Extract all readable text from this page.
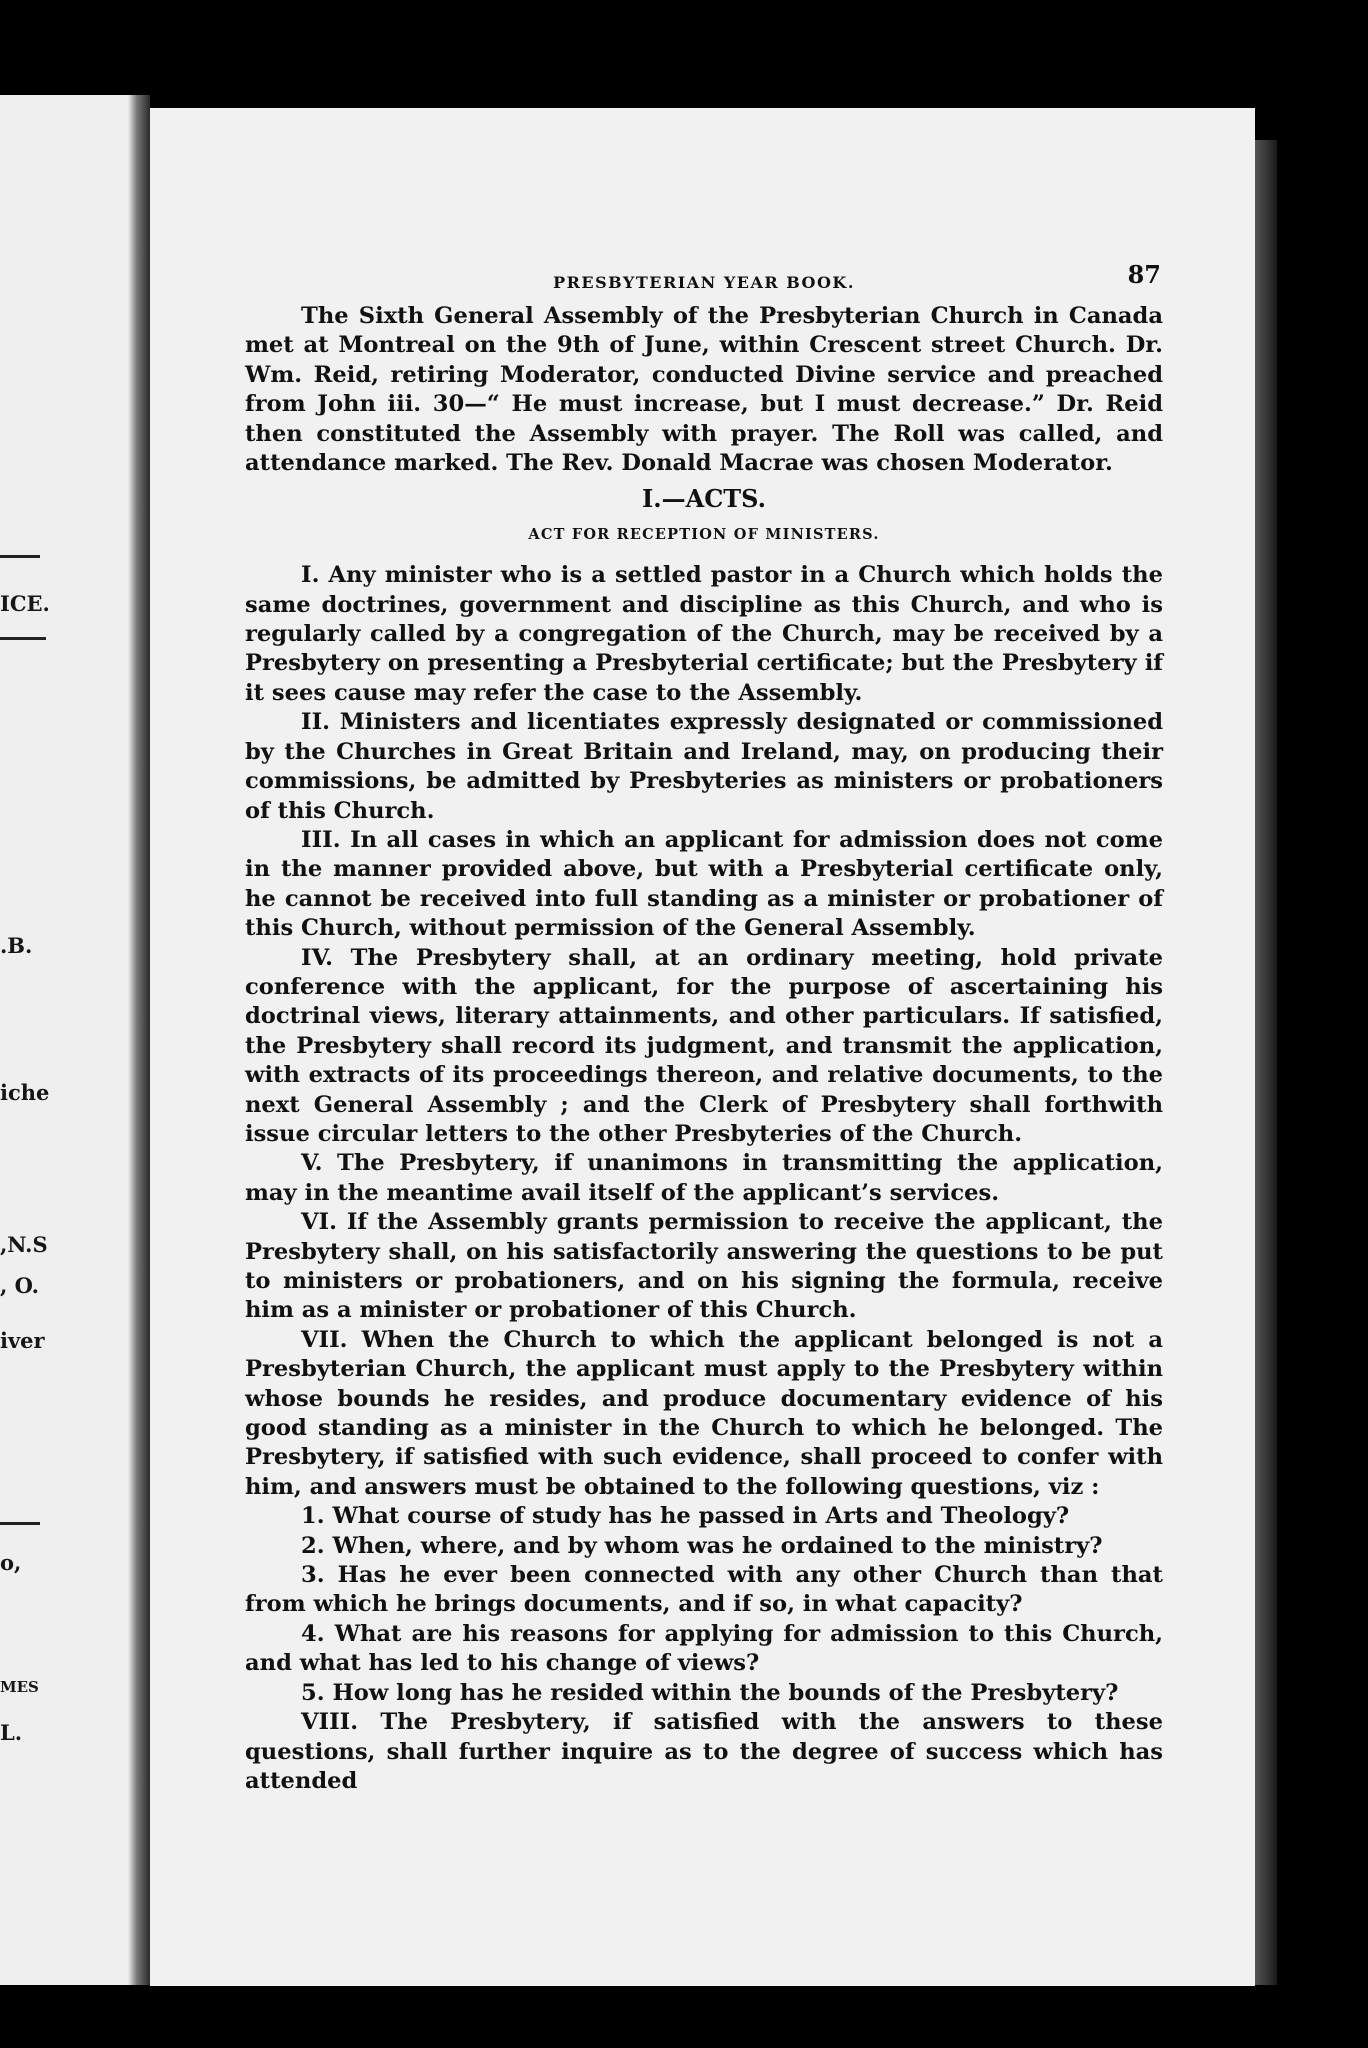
ICE.
.B.
iche
,N.S
, O.
iver
o,
MES
L.
PRESBYTERIAN YEAR BOOK.	87

The Sixth General Assembly of the Presbyterian Church in Canada met at Montreal on the 9th of June, within Crescent street Church. Dr. Wm. Reid, retiring Moderator, conducted Divine service and preached from John iii. 30—“ He must increase, but I must decrease.” Dr. Reid then constituted the Assembly with prayer. The Roll was called, and attendance marked. The Rev. Donald Macrae was chosen Moderator.

I.—ACTS.
ACT FOR RECEPTION OF MINISTERS.

I. Any minister who is a settled pastor in a Church which holds the same doctrines, government and discipline as this Church, and who is regularly called by a congregation of the Church, may be received by a Presbytery on presenting a Presbyterial certificate; but the Presbytery if it sees cause may refer the case to the Assembly.

II. Ministers and licentiates expressly designated or commissioned by the Churches in Great Britain and Ireland, may, on producing their commissions, be admitted by Presbyteries as ministers or probationers of this Church.

III. In all cases in which an applicant for admission does not come in the manner provided above, but with a Presbyterial certificate only, he cannot be received into full standing as a minister or probationer of this Church, without permission of the General Assembly.

IV. The Presbytery shall, at an ordinary meeting, hold private conference with the applicant, for the purpose of ascertaining his doctrinal views, literary attainments, and other particulars. If satisfied, the Presbytery shall record its judgment, and transmit the application, with extracts of its proceedings thereon, and relative documents, to the next General Assembly ; and the Clerk of Presbytery shall forthwith issue circular letters to the other Presbyteries of the Church.

V. The Presbytery, if unanimons in transmitting the application, may in the meantime avail itself of the applicant’s services.

VI. If the Assembly grants permission to receive the applicant, the Presbytery shall, on his satisfactorily answering the questions to be put to ministers or probationers, and on his signing the formula, receive him as a minister or probationer of this Church.

VII. When the Church to which the applicant belonged is not a Presbyterian Church, the applicant must apply to the Presbytery within whose bounds he resides, and produce documentary evidence of his good standing as a minister in the Church to which he belonged. The Presbytery, if satisfied with such evidence, shall proceed to confer with him, and answers must be obtained to the following questions, viz :

1. What course of study has he passed in Arts and Theology?

2. When, where, and by whom was he ordained to the ministry?

3. Has he ever been connected with any other Church than that from which he brings documents, and if so, in what capacity?

4. What are his reasons for applying for admission to this Church, and what has led to his change of views?

5. How long has he resided within the bounds of the Presbytery?

VIII. The Presbytery, if satisfied with the answers to these questions, shall further inquire as to the degree of success which has attended
